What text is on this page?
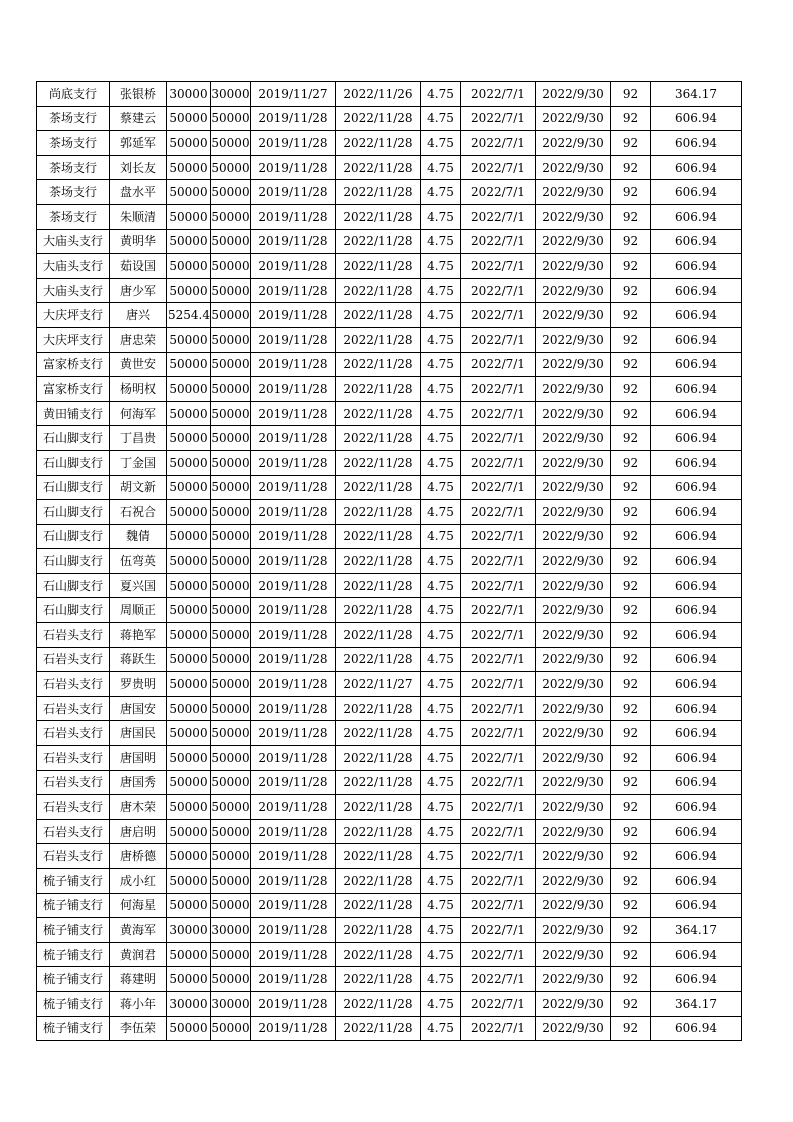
尚底支行	张银桥	30000	30000	2019/11/27	2022/11/26	4.75	2022/7/1	2022/9/30	92	364.17
茶场支行	蔡建云	50000	50000	2019/11/28	2022/11/28	4.75	2022/7/1	2022/9/30	92	606.94
茶场支行	郭延军	50000	50000	2019/11/28	2022/11/28	4.75	2022/7/1	2022/9/30	92	606.94
茶场支行	刘长友	50000	50000	2019/11/28	2022/11/28	4.75	2022/7/1	2022/9/30	92	606.94
茶场支行	盘水平	50000	50000	2019/11/28	2022/11/28	4.75	2022/7/1	2022/9/30	92	606.94
茶场支行	朱顺清	50000	50000	2019/11/28	2022/11/28	4.75	2022/7/1	2022/9/30	92	606.94
大庙头支行	黄明华	50000	50000	2019/11/28	2022/11/28	4.75	2022/7/1	2022/9/30	92	606.94
大庙头支行	茹设国	50000	50000	2019/11/28	2022/11/28	4.75	2022/7/1	2022/9/30	92	606.94
大庙头支行	唐少军	50000	50000	2019/11/28	2022/11/28	4.75	2022/7/1	2022/9/30	92	606.94
大庆坪支行	唐兴	5254.4	50000	2019/11/28	2022/11/28	4.75	2022/7/1	2022/9/30	92	606.94
大庆坪支行	唐忠荣	50000	50000	2019/11/28	2022/11/28	4.75	2022/7/1	2022/9/30	92	606.94
富家桥支行	黄世安	50000	50000	2019/11/28	2022/11/28	4.75	2022/7/1	2022/9/30	92	606.94
富家桥支行	杨明权	50000	50000	2019/11/28	2022/11/28	4.75	2022/7/1	2022/9/30	92	606.94
黄田铺支行	何海军	50000	50000	2019/11/28	2022/11/28	4.75	2022/7/1	2022/9/30	92	606.94
石山脚支行	丁昌贵	50000	50000	2019/11/28	2022/11/28	4.75	2022/7/1	2022/9/30	92	606.94
石山脚支行	丁金国	50000	50000	2019/11/28	2022/11/28	4.75	2022/7/1	2022/9/30	92	606.94
石山脚支行	胡文新	50000	50000	2019/11/28	2022/11/28	4.75	2022/7/1	2022/9/30	92	606.94
石山脚支行	石祝合	50000	50000	2019/11/28	2022/11/28	4.75	2022/7/1	2022/9/30	92	606.94
石山脚支行	魏倩	50000	50000	2019/11/28	2022/11/28	4.75	2022/7/1	2022/9/30	92	606.94
石山脚支行	伍弯英	50000	50000	2019/11/28	2022/11/28	4.75	2022/7/1	2022/9/30	92	606.94
石山脚支行	夏兴国	50000	50000	2019/11/28	2022/11/28	4.75	2022/7/1	2022/9/30	92	606.94
石山脚支行	周顺正	50000	50000	2019/11/28	2022/11/28	4.75	2022/7/1	2022/9/30	92	606.94
石岩头支行	蒋艳军	50000	50000	2019/11/28	2022/11/28	4.75	2022/7/1	2022/9/30	92	606.94
石岩头支行	蒋跃生	50000	50000	2019/11/28	2022/11/28	4.75	2022/7/1	2022/9/30	92	606.94
石岩头支行	罗贵明	50000	50000	2019/11/28	2022/11/27	4.75	2022/7/1	2022/9/30	92	606.94
石岩头支行	唐国安	50000	50000	2019/11/28	2022/11/28	4.75	2022/7/1	2022/9/30	92	606.94
石岩头支行	唐国民	50000	50000	2019/11/28	2022/11/28	4.75	2022/7/1	2022/9/30	92	606.94
石岩头支行	唐国明	50000	50000	2019/11/28	2022/11/28	4.75	2022/7/1	2022/9/30	92	606.94
石岩头支行	唐国秀	50000	50000	2019/11/28	2022/11/28	4.75	2022/7/1	2022/9/30	92	606.94
石岩头支行	唐木荣	50000	50000	2019/11/28	2022/11/28	4.75	2022/7/1	2022/9/30	92	606.94
石岩头支行	唐启明	50000	50000	2019/11/28	2022/11/28	4.75	2022/7/1	2022/9/30	92	606.94
石岩头支行	唐桥德	50000	50000	2019/11/28	2022/11/28	4.75	2022/7/1	2022/9/30	92	606.94
梳子铺支行	成小红	50000	50000	2019/11/28	2022/11/28	4.75	2022/7/1	2022/9/30	92	606.94
梳子铺支行	何海星	50000	50000	2019/11/28	2022/11/28	4.75	2022/7/1	2022/9/30	92	606.94
梳子铺支行	黄海军	30000	30000	2019/11/28	2022/11/28	4.75	2022/7/1	2022/9/30	92	364.17
梳子铺支行	黄润君	50000	50000	2019/11/28	2022/11/28	4.75	2022/7/1	2022/9/30	92	606.94
梳子铺支行	蒋建明	50000	50000	2019/11/28	2022/11/28	4.75	2022/7/1	2022/9/30	92	606.94
梳子铺支行	蒋小年	30000	30000	2019/11/28	2022/11/28	4.75	2022/7/1	2022/9/30	92	364.17
梳子铺支行	李伍荣	50000	50000	2019/11/28	2022/11/28	4.75	2022/7/1	2022/9/30	92	606.94
